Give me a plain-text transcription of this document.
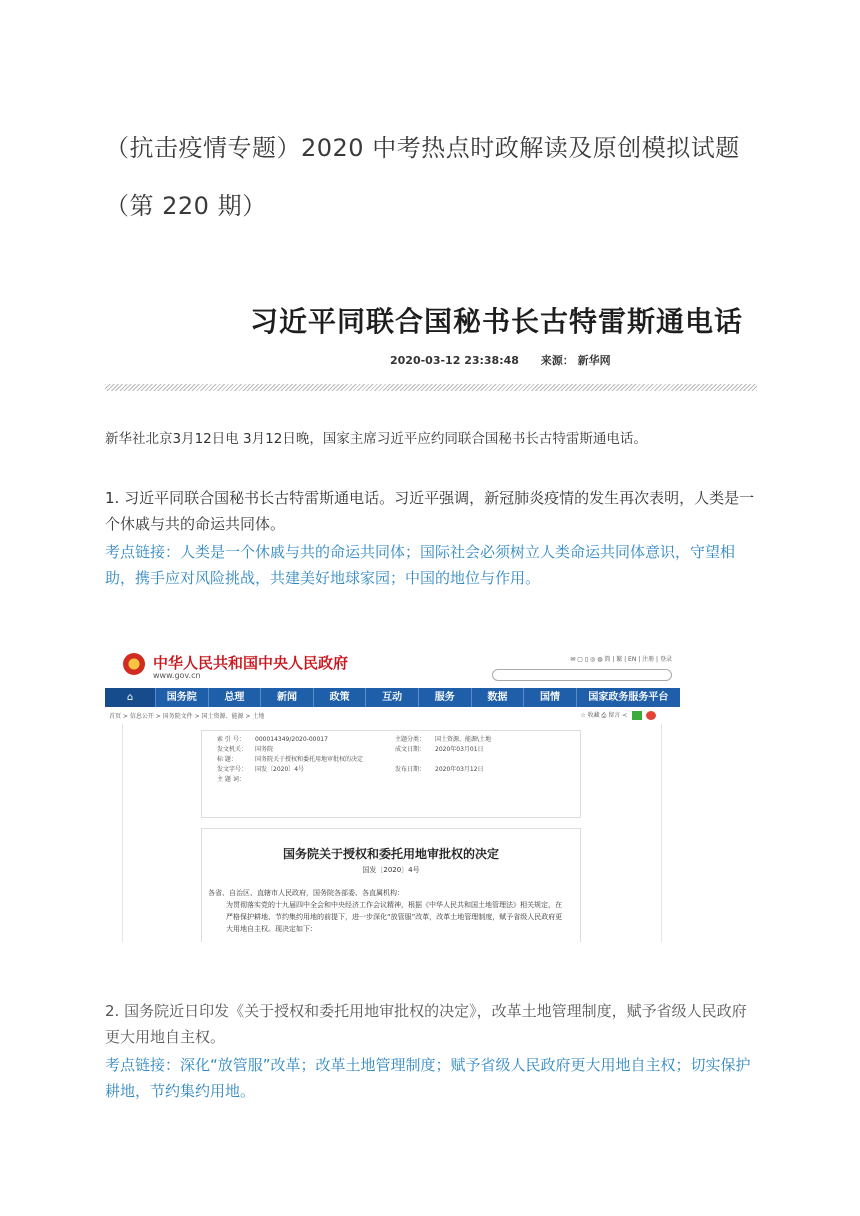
（抗击疫情专题）2020 中考热点时政解读及原创模拟试题
（第 220 期）
习近平同联合国秘书长古特雷斯通电话
2020-03-12 23:38:48 来源： 新华网
新华社北京3月12日电 3月12日晚，国家主席习近平应约同联合国秘书长古特雷斯通电话。
1. 习近平同联合国秘书长古特雷斯通电话。习近平强调，新冠肺炎疫情的发生再次表明，人类是一个休戚与共的命运共同体。
考点链接：人类是一个休戚与共的命运共同体；国际社会必须树立人类命运共同体意识，守望相助，携手应对风险挑战，共建美好地球家园；中国的地位与作用。
中华人民共和国中央人民政府
www.gov.cn
✉ ▢ ▯ ◎ ◍ 简 | 繁 | EN | 注册 | 登录
⌂	国务院	总理	新闻	政策	互动	服务	数据	国情	国家政务服务平台
首页 > 信息公开 > 国务院文件 > 国土资源、能源 > 土地	☆ 收藏 ⎙ 留言 ≺
索 引 号：	000014349/2020-00017	主题分类：	国土资源、能源\土地
发文机关：	国务院	成文日期：	2020年03月01日
标 题：	国务院关于授权和委托用地审批权的决定
发文字号：	国发〔2020〕4号	发布日期：	2020年03月12日
主 题 词：
国务院关于授权和委托用地审批权的决定
国发〔2020〕4号
各省、自治区、直辖市人民政府，国务院各部委、各直属机构：
为贯彻落实党的十九届四中全会和中央经济工作会议精神，根据《中华人民共和国土地管理法》相关规定，在严格保护耕地、节约集约用地的前提下，进一步深化“放管服”改革，改革土地管理制度，赋予省级人民政府更大用地自主权。现决定如下：
2. 国务院近日印发《关于授权和委托用地审批权的决定》，改革土地管理制度，赋予省级人民政府更大用地自主权。
考点链接：深化“放管服”改革；改革土地管理制度；赋予省级人民政府更大用地自主权；切实保护耕地，节约集约用地。
